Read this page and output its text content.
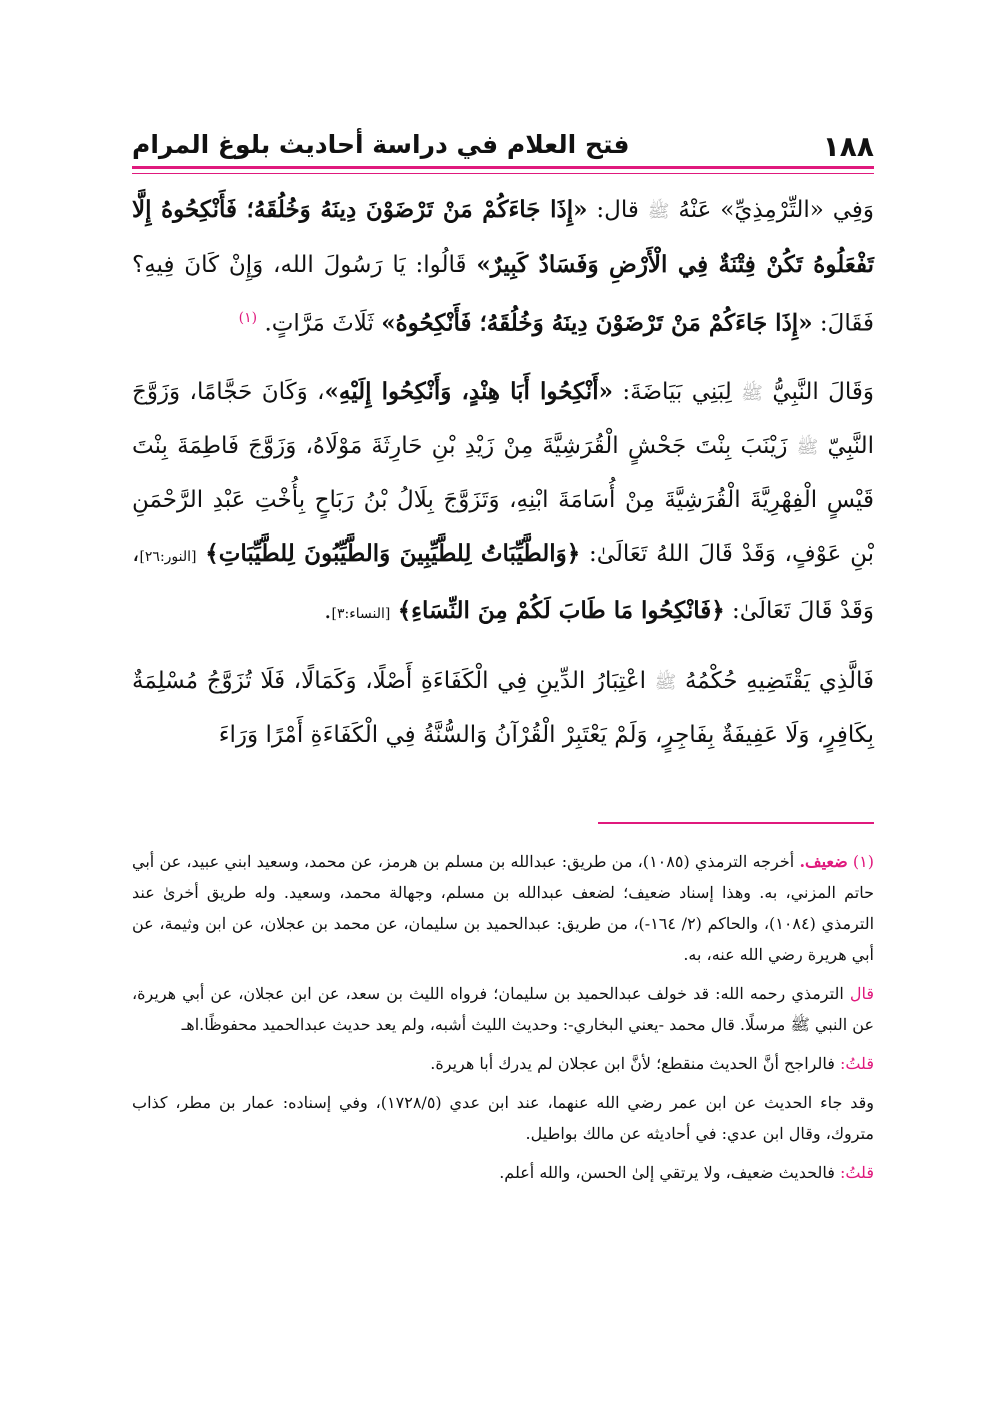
١٨٨
فتح العلام في دراسة أحاديث بلوغ المرام

وَفِي «التِّرْمِذِيِّ» عَنْهُ ﷺ قال: «إِذَا جَاءَكُمْ مَنْ تَرْضَوْنَ دِينَهُ وَخُلُقَهُ؛ فَأَنْكِحُوهُ إِلَّا تَفْعَلُوهُ تَكُنْ فِتْنَةٌ فِي الْأَرْضِ وَفَسَادٌ كَبِيرٌ» قَالُوا: يَا رَسُولَ الله، وَإِنْ كَانَ فِيهِ؟ فَقَالَ: «إِذَا جَاءَكُمْ مَنْ تَرْضَوْنَ دِينَهُ وَخُلُقَهُ؛ فَأَنْكِحُوهُ» ثَلَاثَ مَرَّاتٍ. $^{(١)}$

وَقَالَ النَّبِيُّ ﷺ لِبَنِي بَيَاضَةَ: «أَنْكِحُوا أَبَا هِنْدٍ، وَأَنْكِحُوا إِلَيْهِ»، وَكَانَ حَجَّامًا، وَزَوَّجَ النَّبِيّ ﷺ زَيْنَبَ بِنْتَ جَحْشٍ الْقُرَشِيَّةَ مِنْ زَيْدِ بْنِ حَارِثَةَ مَوْلَاهُ، وَزَوَّجَ فَاطِمَةَ بِنْتَ قَيْسٍ الْفِهْرِيَّةَ الْقُرَشِيَّةَ مِنْ أُسَامَةَ ابْنِهِ، وَتَزَوَّجَ بِلَالُ بْنُ رَبَاحٍ بِأُخْتِ عَبْدِ الرَّحْمَنِ بْنِ عَوْفٍ، وَقَدْ قَالَ اللهُ تَعَالَىٰ: ﴿وَالطَّيِّبَاتُ لِلطَّيِّبِينَ وَالطَّيِّبُونَ لِلطَّيِّبَاتِ﴾ [النور:٢٦]، وَقَدْ قَالَ تَعَالَىٰ: ﴿فَانْكِحُوا مَا طَابَ لَكُمْ مِنَ النِّسَاءِ﴾ [النساء:٣].

فَالَّذِي يَقْتَضِيهِ حُكْمُهُ ﷺ اعْتِبَارُ الدِّينِ فِي الْكَفَاءَةِ أَصْلًا، وَكَمَالًا، فَلَا تُزَوَّجُ مُسْلِمَةٌ بِكَافِرٍ، وَلَا عَفِيفَةٌ بِفَاجِرٍ، وَلَمْ يَعْتَبِرْ الْقُرْآنُ وَالسُّنَّةُ فِي الْكَفَاءَةِ أَمْرًا وَرَاءَ

(١) ضعيف. أخرجه الترمذي (١٠٨٥)، من طريق: عبدالله بن مسلم بن هرمز، عن محمد، وسعيد ابني عبيد، عن أبي حاتم المزني، به. وهذا إسناد ضعيف؛ لضعف عبدالله بن مسلم، وجهالة محمد، وسعيد. وله طريق أخرىٰ عند الترمذي (١٠٨٤)، والحاكم (٢/ ١٦٤-)، من طريق: عبدالحميد بن سليمان، عن محمد بن عجلان، عن ابن وثيمة، عن أبي هريرة رضي الله عنه، به.

قال الترمذي رحمه الله: قد خولف عبدالحميد بن سليمان؛ فرواه الليث بن سعد، عن ابن عجلان، عن أبي هريرة، عن النبي ﷺ مرسلًا. قال محمد -يعني البخاري-: وحديث الليث أشبه، ولم يعد حديث عبدالحميد محفوظًا.اهـ

قلتُ: فالراجح أنَّ الحديث منقطع؛ لأنَّ ابن عجلان لم يدرك أبا هريرة.

وقد جاء الحديث عن ابن عمر رضي الله عنهما، عند ابن عدي (١٧٢٨/٥)، وفي إسناده: عمار بن مطر، كذاب متروك، وقال ابن عدي: في أحاديثه عن مالك بواطيل.

قلتُ: فالحديث ضعيف، ولا يرتقي إلىٰ الحسن، والله أعلم.
